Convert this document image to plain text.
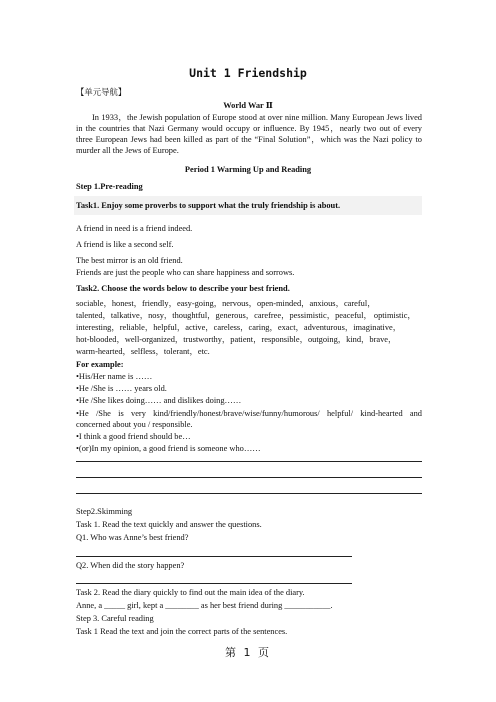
Unit 1 Friendship
【单元导航】
World War Ⅱ
In 1933，the Jewish population of Europe stood at over nine million. Many European Jews lived in the countries that Nazi Germany would occupy or influence. By 1945，nearly two out of every three European Jews had been killed as part of the “Final Solution”，which was the Nazi policy to murder all the Jews of Europe.
Period 1 Warming Up and Reading
Step 1.Pre-reading
Task1. Enjoy some proverbs to support what the truly friendship is about.
A friend in need is a friend indeed.
A friend is like a second self.
The best mirror is an old friend.
Friends are just the people who can share happiness and sorrows.
Task2. Choose the words below to describe your best friend.
sociable，honest，friendly，easy-going，nervous，open-minded，anxious，careful，
talented，talkative，nosy，thoughtful，generous，carefree，pessimistic，peaceful， optimistic，
interesting，reliable，helpful，active，careless，caring，exact，adventurous，imaginative，
hot-blooded，well-organized，trustworthy，patient，responsible，outgoing，kind，brave，
warm-hearted，selfless，tolerant，etc.
For example:
•His/Her name is ……
•He /She is …… years old.
•He /She likes doing…… and dislikes doing……
•He /She is very kind/friendly/honest/brave/wise/funny/humorous/ helpful/ kind-hearted and concerned about you / responsible.
•I think a good friend should be…
•(or)In my opinion, a good friend is someone who……
Step2.Skimming
Task 1. Read the text quickly and answer the questions.
Q1. Who was Anne’s best friend?
Q2. When did the story happen?
Task 2. Read the diary quickly to find out the main idea of the diary.
Anne, a _____ girl, kept a ________ as her best friend during ___________.
Step 3. Careful reading
Task 1 Read the text and join the correct parts of the sentences.
第 1 页
